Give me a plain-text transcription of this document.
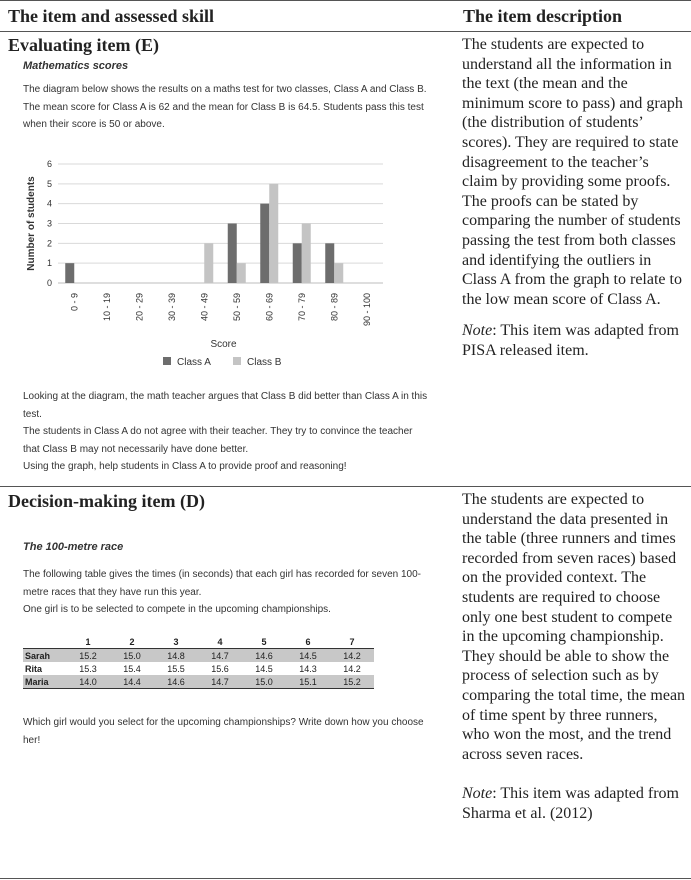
The item and assessed skill	The item description
Evaluating item (E)
Mathematics scores

The diagram below shows the results on a maths test for two classes, Class A and Class B. The mean score for Class A is 62 and the mean for Class B is 64.5. Students pass this test when their score is 50 or above.

0
1
2
3
4
5
6
0 - 9	10 - 19	20 - 29	30 - 39	40 - 49	50 - 59	60 - 69	70 - 79	80 - 89	90 - 100
Number of students
Score
Class A	Class B

Looking at the diagram, the math teacher argues that Class B did better than Class A in this test.

The students in Class A do not agree with their teacher. They try to convince the teacher that Class B may not necessarily have done better.

Using the graph, help students in Class A to provide proof and reasoning!

The students are expected to understand all the information in the text (the mean and the minimum score to pass) and graph (the distribution of students’ scores). They are required to state disagreement to the teacher’s claim by providing some proofs. The proofs can be stated by comparing the number of students passing the test from both classes and identifying the outliers in Class A from the graph to relate to the low mean score of Class A.

Note: This item was adapted from PISA released item.

Decision-making item (D)
The 100-metre race

The following table gives the times (in seconds) that each girl has recorded for seven 100-metre races that they have run this year.

One girl is to be selected to compete in the upcoming championships.

	1	2	3	4	5	6	7
Sarah	15.2	15.0	14.8	14.7	14.6	14.5	14.2
Rita	15.3	15.4	15.5	15.6	14.5	14.3	14.2
Maria	14.0	14.4	14.6	14.7	15.0	15.1	15.2

Which girl would you select for the upcoming championships? Write down how you choose her!

The students are expected to understand the data presented in the table (three runners and times recorded from seven races) based on the provided context. The students are required to choose only one best student to compete in the upcoming championship. They should be able to show the process of selection such as by comparing the total time, the mean of time spent by three runners, who won the most, and the trend across seven races.

Note: This item was adapted from Sharma et al. (2012)
